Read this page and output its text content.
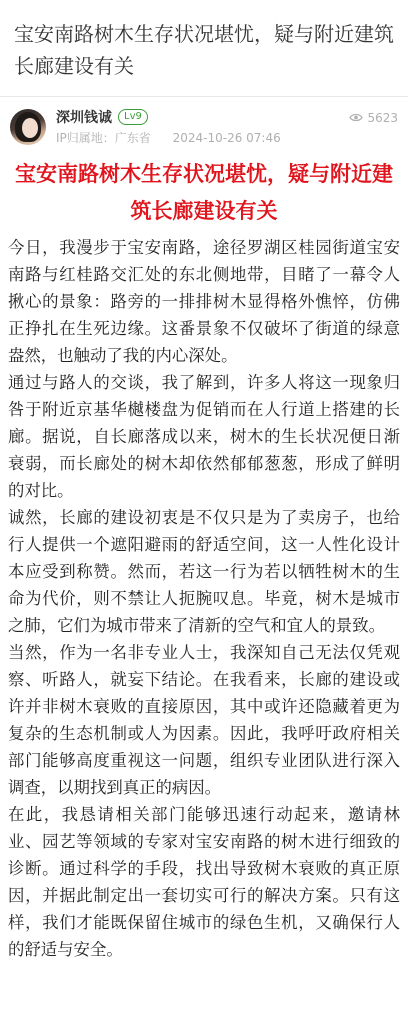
宝安南路树木生存状况堪忧，疑与附近建筑长廊建设有关
深圳钱诚	Lv9
IP归属地：广东省 2024-10-26 07:46
5623
宝安南路树木生存状况堪忧，疑与附近建筑长廊建设有关

今日，我漫步于宝安南路，途径罗湖区桂园街道宝安南路与红桂路交汇处的东北侧地带，目睹了一幕令人揪心的景象：路旁的一排排树木显得格外憔悴，仿佛正挣扎在生死边缘。这番景象不仅破坏了街道的绿意盎然，也触动了我的内心深处。

通过与路人的交谈，我了解到，许多人将这一现象归咎于附近京基华樾楼盘为促销而在人行道上搭建的长廊。据说，自长廊落成以来，树木的生长状况便日渐衰弱，而长廊处的树木却依然郁郁葱葱，形成了鲜明的对比。

诚然，长廊的建设初衷是不仅只是为了卖房子，也给行人提供一个遮阳避雨的舒适空间，这一人性化设计本应受到称赞。然而，若这一行为若以牺牲树木的生命为代价，则不禁让人扼腕叹息。毕竟，树木是城市之肺，它们为城市带来了清新的空气和宜人的景致。

当然，作为一名非专业人士，我深知自己无法仅凭观察、听路人，就妄下结论。在我看来，长廊的建设或许并非树木衰败的直接原因，其中或许还隐藏着更为复杂的生态机制或人为因素。因此，我呼吁政府相关部门能够高度重视这一问题，组织专业团队进行深入调查，以期找到真正的病因。

在此，我恳请相关部门能够迅速行动起来，邀请林业、园艺等领域的专家对宝安南路的树木进行细致的诊断。通过科学的手段，找出导致树木衰败的真正原因，并据此制定出一套切实可行的解决方案。只有这样，我们才能既保留住城市的绿色生机，又确保行人的舒适与安全。
